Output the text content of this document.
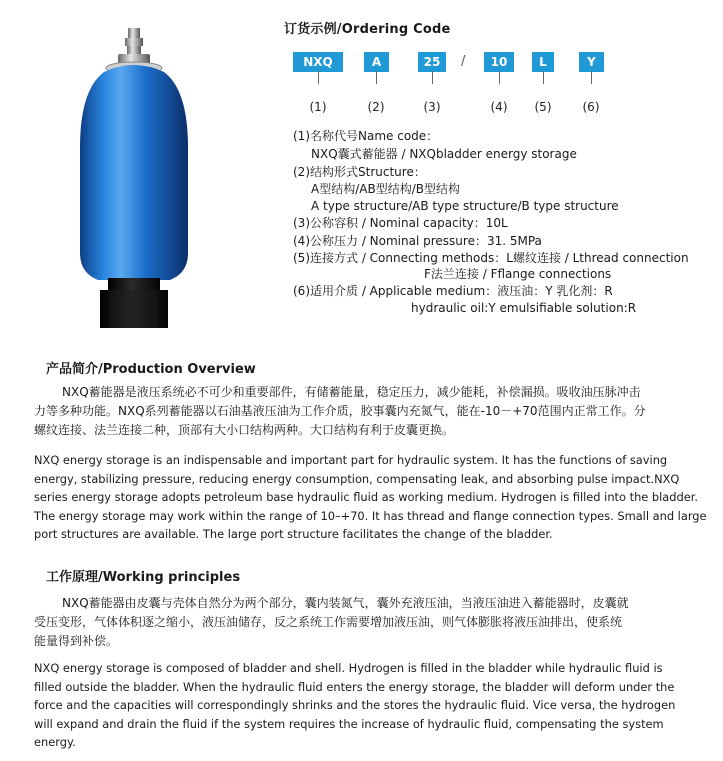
订货示例/Ordering Code
NXQ	A	25	/	10	L	Y
(1)	(2)	(3)	(4)	(5)	(6)
(1)名称代号Name code：
NXQ囊式蓄能器 / NXQbladder energy storage
(2)结构形式Structure：
A型结构/AB型结构/B型结构
A type structure/AB type structure/B type structure
(3)公称容积 / Nominal capacity：10L
(4)公称压力 / Nominal pressure：31. 5MPa
(5)连接方式 / Connecting methods：L螺纹连接 / Lthread connection
F法兰连接 / Fflange connections
(6)适用介质 / Applicable medium：液压油：Y 乳化剂：R
hydraulic oil:Y emulsifiable solution:R
产品简介/Production Overview
NXQ蓄能器是液压系统必不可少和重要部件，有储蓄能量，稳定压力，减少能耗，补偿漏损。吸收油压脉冲击
力等多种功能。NXQ系列蓄能器以石油基液压油为工作介质，胶事囊内充氮气，能在-10－+70范围内正常工作。分
螺纹连接、法兰连接二种，顶部有大小口结构两种。大口结构有利于皮囊更换。
NXQ energy storage is an indispensable and important part for hydraulic system. It has the functions of saving
energy, stabilizing pressure, reducing energy consumption, compensating leak, and absorbing pulse impact.NXQ
series energy storage adopts petroleum base hydraulic fluid as working medium. Hydrogen is filled into the bladder.
The energy storage may work within the range of 10–+70. It has thread and flange connection types. Small and large
port structures are available. The large port structure facilitates the change of the bladder.
工作原理/Working principles
NXQ蓄能器由皮囊与壳体自然分为两个部分，囊内装氮气，囊外充液压油，当液压油进入蓄能器时，皮囊就
受压变形，气体体积逐之缩小，液压油储存，反之系统工作需要增加液压油，则气体膨胀将液压油排出，使系统
能量得到补偿。
NXQ energy storage is composed of bladder and shell. Hydrogen is filled in the bladder while hydraulic fluid is
filled outside the bladder. When the hydraulic fluid enters the energy storage, the bladder will deform under the
force and the capacities will correspondingly shrinks and the stores the hydraulic fluid. Vice versa, the hydrogen
will expand and drain the fluid if the system requires the increase of hydraulic fluid, compensating the system
energy.
